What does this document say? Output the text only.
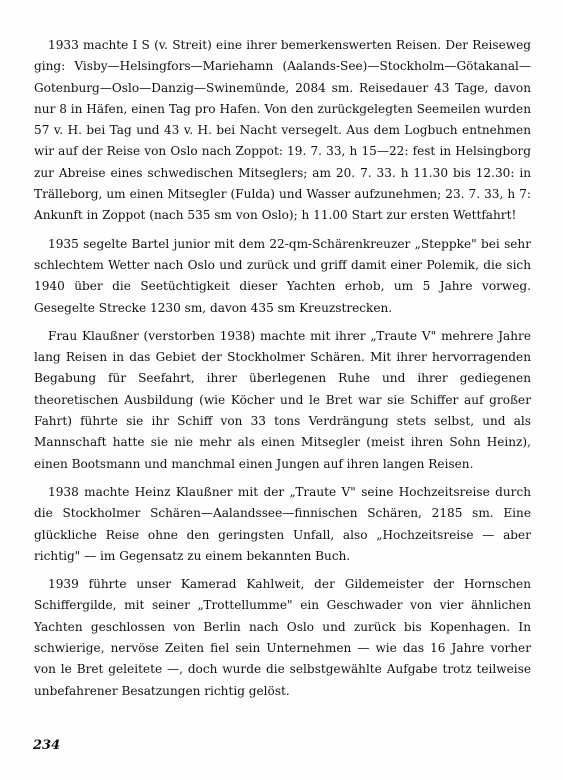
1933 machte I S (v. Streit) eine ihrer bemerkenswerten Reisen. Der Reiseweg ging: Visby—Helsingfors—Mariehamn (Aalands-See)—Stockholm—Götakanal—Gotenburg—Oslo—Danzig—Swinemünde, 2084 sm. Reisedauer 43 Tage, davon nur 8 in Häfen, einen Tag pro Hafen. Von den zurückgelegten Seemeilen wurden 57 v. H. bei Tag und 43 v. H. bei Nacht versegelt. Aus dem Logbuch entnehmen wir auf der Reise von Oslo nach Zoppot: 19. 7. 33, h 15—22: fest in Helsingborg zur Abreise eines schwedischen Mitseglers; am 20. 7. 33. h 11.30 bis 12.30: in Trälleborg, um einen Mitsegler (Fulda) und Wasser aufzunehmen; 23. 7. 33, h 7: Ankunft in Zoppot (nach 535 sm von Oslo); h 11.00 Start zur ersten Wettfahrt!

1935 segelte Bartel junior mit dem 22-qm-Schärenkreuzer „Steppke" bei sehr schlechtem Wetter nach Oslo und zurück und griff damit einer Polemik, die sich 1940 über die Seetüchtigkeit dieser Yachten erhob, um 5 Jahre vorweg. Gesegelte Strecke 1230 sm, davon 435 sm Kreuzstrecken.

Frau Klaußner (verstorben 1938) machte mit ihrer „Traute V" mehrere Jahre lang Reisen in das Gebiet der Stockholmer Schären. Mit ihrer hervorragenden Begabung für Seefahrt, ihrer überlegenen Ruhe und ihrer gediegenen theoretischen Ausbildung (wie Köcher und le Bret war sie Schiffer auf großer Fahrt) führte sie ihr Schiff von 33 tons Verdrängung stets selbst, und als Mannschaft hatte sie nie mehr als einen Mitsegler (meist ihren Sohn Heinz), einen Bootsmann und manchmal einen Jungen auf ihren langen Reisen.

1938 machte Heinz Klaußner mit der „Traute V" seine Hochzeitsreise durch die Stockholmer Schären—Aalandssee—finnischen Schären, 2185 sm. Eine glückliche Reise ohne den geringsten Unfall, also „Hochzeitsreise — aber richtig" — im Gegensatz zu einem bekannten Buch.

1939 führte unser Kamerad Kahlweit, der Gildemeister der Hornschen Schiffergilde, mit seiner „Trottellumme" ein Geschwader von vier ähnlichen Yachten geschlossen von Berlin nach Oslo und zurück bis Kopenhagen. In schwierige, nervöse Zeiten fiel sein Unternehmen — wie das 16 Jahre vorher von le Bret geleitete —, doch wurde die selbstgewählte Aufgabe trotz teilweise unbefahrener Besatzungen richtig gelöst.

234
